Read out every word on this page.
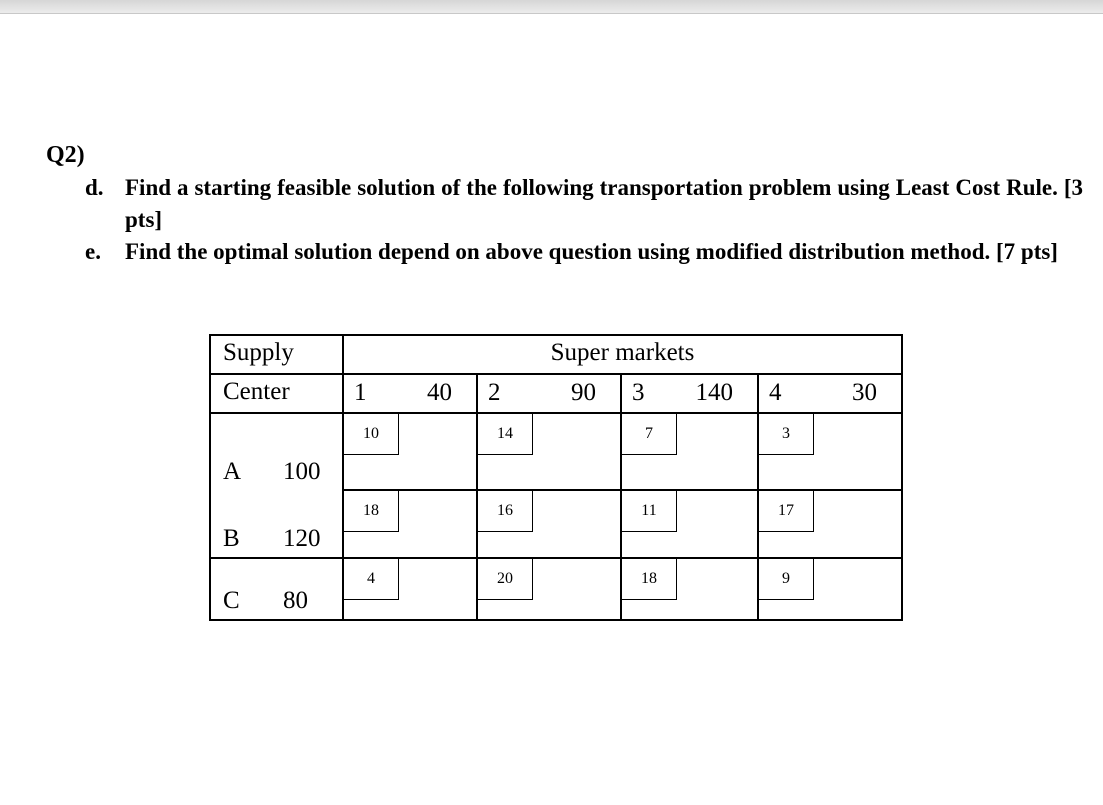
Q2)
d. Find a starting feasible solution of the following transportation problem using Least Cost Rule. [3 pts]
e. Find the optimal solution depend on above question using modified distribution method. [7 pts]
Supply	Super markets			

Center	1 40	2 90	3 140	4 30

A 100	10	14	7	3

B 120	18	16	11	17

C 80	4	20	18	9
